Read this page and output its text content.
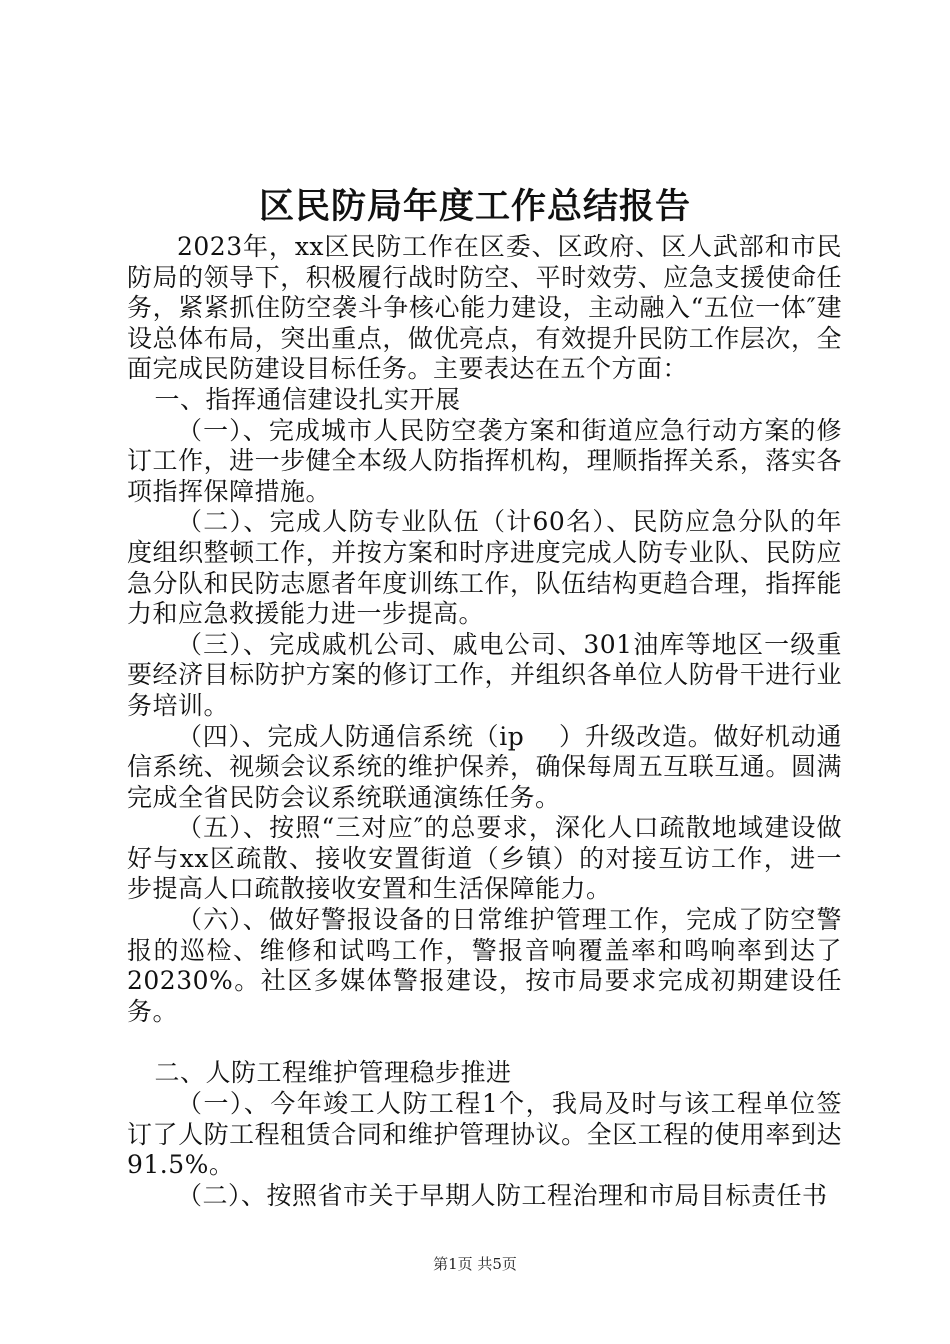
区民防局年度工作总结报告

2023年，xx区民防工作在区委、区政府、区人武部和市民防局的领导下，积极履行战时防空、平时效劳、应急支援使命任务，紧紧抓住防空袭斗争核心能力建设，主动融入“五位一体″建设总体布局，突出重点，做优亮点，有效提升民防工作层次，全面完成民防建设目标任务。主要表达在五个方面：

一、指挥通信建设扎实开展

（一）、完成城市人民防空袭方案和街道应急行动方案的修订工作，进一步健全本级人防指挥机构，理顺指挥关系，落实各项指挥保障措施。

（二）、完成人防专业队伍（计60名）、民防应急分队的年度组织整顿工作，并按方案和时序进度完成人防专业队、民防应急分队和民防志愿者年度训练工作，队伍结构更趋合理，指挥能力和应急救援能力进一步提高。

（三）、完成戚机公司、戚电公司、301油库等地区一级重要经济目标防护方案的修订工作，并组织各单位人防骨干进行业务培训。

（四）、完成人防通信系统（ip　 ）升级改造。做好机动通信系统、视频会议系统的维护保养，确保每周五互联互通。圆满完成全省民防会议系统联通演练任务。

（五）、按照“三对应″的总要求，深化人口疏散地域建设做好与xx区疏散、接收安置街道（乡镇）的对接互访工作，进一步提高人口疏散接收安置和生活保障能力。

（六）、做好警报设备的日常维护管理工作，完成了防空警报的巡检、维修和试鸣工作，警报音响覆盖率和鸣响率到达了20230%。社区多媒体警报建设，按市局要求完成初期建设任务。

二、人防工程维护管理稳步推进

（一）、今年竣工人防工程1个，我局及时与该工程单位签订了人防工程租赁合同和维护管理协议。全区工程的使用率到达91.5%。

（二）、按照省市关于早期人防工程治理和市局目标责任书

第1页 共5页
